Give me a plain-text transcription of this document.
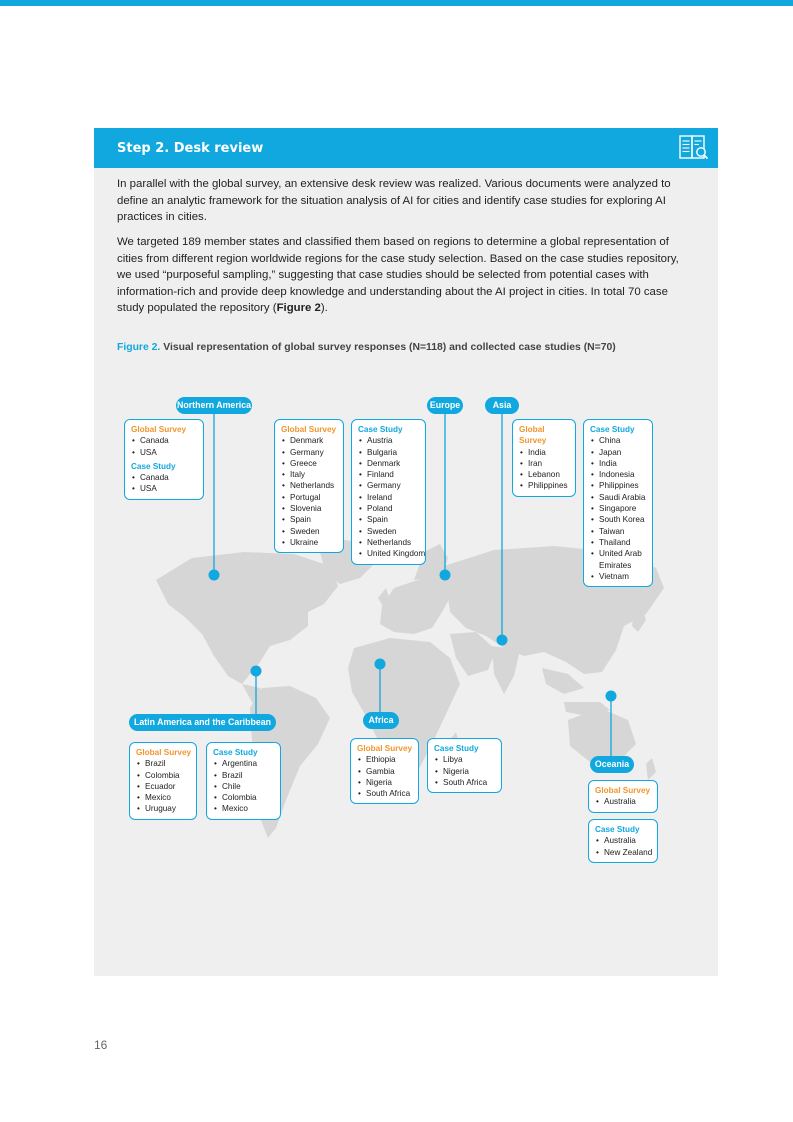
Step 2. Desk review

In parallel with the global survey, an extensive desk review was realized. Various documents were analyzed to define an analytic framework for the situation analysis of AI for cities and identify case studies for exploring AI practices in cities.

We targeted 189 member states and classified them based on regions to determine a global representation of cities from different region worldwide regions for the case study selection. Based on the case studies repository, we used “purposeful sampling,” suggesting that case studies should be selected from potential cases with information-rich and provide deep knowledge and understanding about the AI project in cities. In total 70 case study populated the repository (Figure 2).

Figure 2. Visual representation of global survey responses (N=118) and collected case studies (N=70)
Northern America	Europe	Asia
Latin America and the Caribbean	Africa
Oceania
Global Survey
• Canada
• USA
Case Study
• Canada
• USA
Global Survey
• Denmark
• Germany
• Greece
• Italy
• Netherlands
• Portugal
• Slovenia
• Spain
• Sweden
• Ukraine
Case Study
• Austria
• Bulgaria
• Denmark
• Finland
• Germany
• Ireland
• Poland
• Spain
• Sweden
• Netherlands
• United Kingdom
Global Survey
• India
• Iran
• Lebanon
• Philippines
Case Study
• China
• Japan
• India
• Indonesia
• Philippines
• Saudi Arabia
• Singapore
• South Korea
• Taiwan
• Thailand
• United Arab Emirates
• Vietnam
Global Survey
• Brazil
• Colombia
• Ecuador
• Mexico
• Uruguay
Case Study
• Argentina
• Brazil
• Chile
• Colombia
• Mexico
Global Survey
• Ethiopia
• Gambia
• Nigeria
• South Africa
Case Study
• Libya
• Nigeria
• South Africa
Global Survey
• Australia
Case Study
• Australia
• New Zealand
16
